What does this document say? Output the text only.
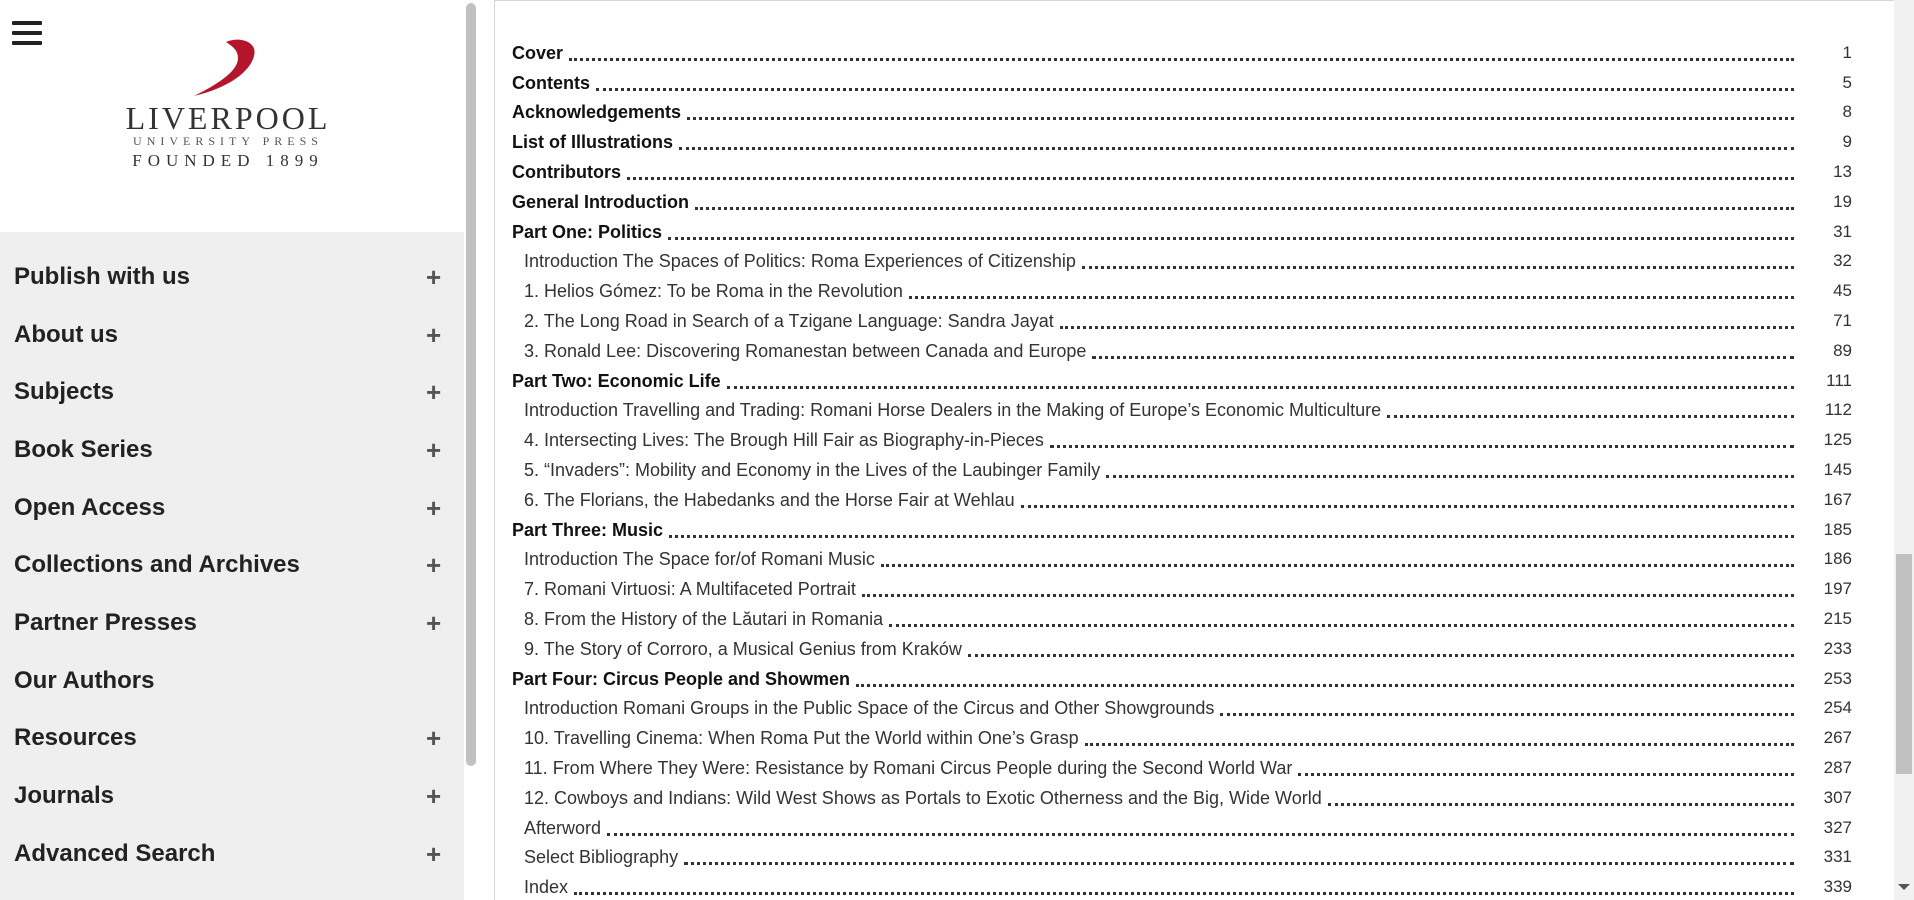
LIVERPOOL
UNIVERSITY PRESS
FOUNDED 1899
Publish with us	+
About us	+
Subjects	+
Book Series	+
Open Access	+
Collections and Archives	+
Partner Presses	+
Our Authors
Resources	+
Journals	+
Advanced Search	+
Cover	1
Contents	5
Acknowledgements	8
List of Illustrations	9
Contributors	13
General Introduction	19
Part One: Politics	31
Introduction The Spaces of Politics: Roma Experiences of Citizenship	32
1. Helios Gómez: To be Roma in the Revolution	45
2. The Long Road in Search of a Tzigane Language: Sandra Jayat	71
3. Ronald Lee: Discovering Romanestan between Canada and Europe	89
Part Two: Economic Life	111
Introduction Travelling and Trading: Romani Horse Dealers in the Making of Europe’s Economic Multiculture	112
4. Intersecting Lives: The Brough Hill Fair as Biography-in-Pieces	125
5. “Invaders”: Mobility and Economy in the Lives of the Laubinger Family	145
6. The Florians, the Habedanks and the Horse Fair at Wehlau	167
Part Three: Music	185
Introduction The Space for/of Romani Music	186
7. Romani Virtuosi: A Multifaceted Portrait	197
8. From the History of the Lăutari in Romania	215
9. The Story of Corroro, a Musical Genius from Kraków	233
Part Four: Circus People and Showmen	253
Introduction Romani Groups in the Public Space of the Circus and Other Showgrounds	254
10. Travelling Cinema: When Roma Put the World within One’s Grasp	267
11. From Where They Were: Resistance by Romani Circus People during the Second World War	287
12. Cowboys and Indians: Wild West Shows as Portals to Exotic Otherness and the Big, Wide World	307
Afterword	327
Select Bibliography	331
Index	339
